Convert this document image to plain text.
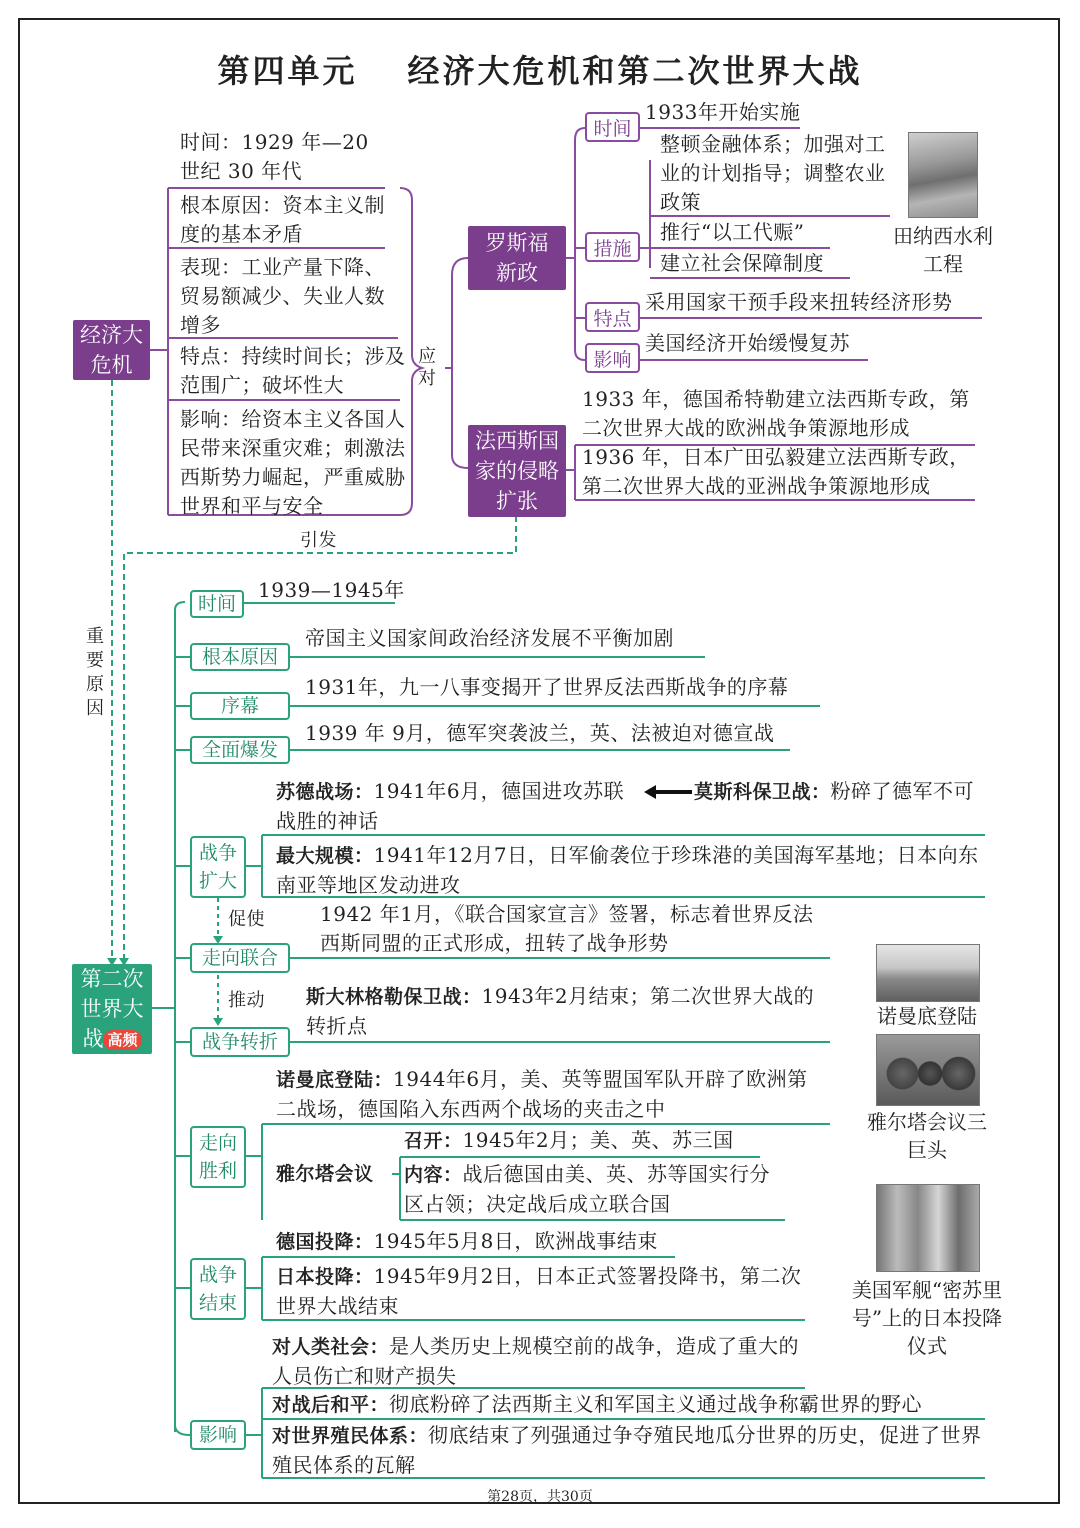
第四单元 经济大危机和第二次世界大战
经济大危机
时间：1929 年—20 世纪 30 年代
根本原因：资本主义制度的基本矛盾
表现：工业产量下降、贸易额减少、失业人数增多
特点：持续时间长；涉及范围广；破坏性大
影响：给资本主义各国人民带来深重灾难；刺激法西斯势力崛起，严重威胁世界和平与安全
应对
罗斯福新政
时间
1933年开始实施
措施
整顿金融体系；加强对工业的计划指导；调整农业政策
推行“以工代赈”
建立社会保障制度
特点
采用国家干预手段来扭转经济形势
影响
美国经济开始缓慢复苏
田纳西水利工程
法西斯国家的侵略扩张
1933 年，德国希特勒建立法西斯专政，第二次世界大战的欧洲战争策源地形成
1936 年，日本广田弘毅建立法西斯专政，第二次世界大战的亚洲战争策源地形成
引发
重要原因
第二次世界大战 高频
时间
1939—1945年
根本原因
帝国主义国家间政治经济发展不平衡加剧
序幕
1931年，九一八事变揭开了世界反法西斯战争的序幕
全面爆发
1939 年 9月，德军突袭波兰，英、法被迫对德宣战
战争扩大
苏德战场：1941年6月，德国进攻苏联	莫斯科保卫战：粉碎了德军不可战胜的神话
最大规模：1941年12月7日，日军偷袭位于珍珠港的美国海军基地；日本向东南亚等地区发动进攻
促使
走向联合
1942 年1月，《联合国家宣言》签署，标志着世界反法西斯同盟的正式形成，扭转了战争形势
推动
战争转折
斯大林格勒保卫战：1943年2月结束；第二次世界大战的转折点
走向胜利
诺曼底登陆：1944年6月，美、英等盟国军队开辟了欧洲第二战场，德国陷入东西两个战场的夹击之中
雅尔塔会议
召开：1945年2月；美、英、苏三国
内容：战后德国由美、英、苏等国实行分区占领；决定战后成立联合国
战争结束
德国投降：1945年5月8日，欧洲战事结束
日本投降：1945年9月2日，日本正式签署投降书，第二次世界大战结束
影响
对人类社会：是人类历史上规模空前的战争，造成了重大的人员伤亡和财产损失
对战后和平：彻底粉碎了法西斯主义和军国主义通过战争称霸世界的野心
对世界殖民体系：彻底结束了列强通过争夺殖民地瓜分世界的历史，促进了世界殖民体系的瓦解
诺曼底登陆
雅尔塔会议三巨头
美国军舰“密苏里号”上的日本投降仪式
第28页，共30页
